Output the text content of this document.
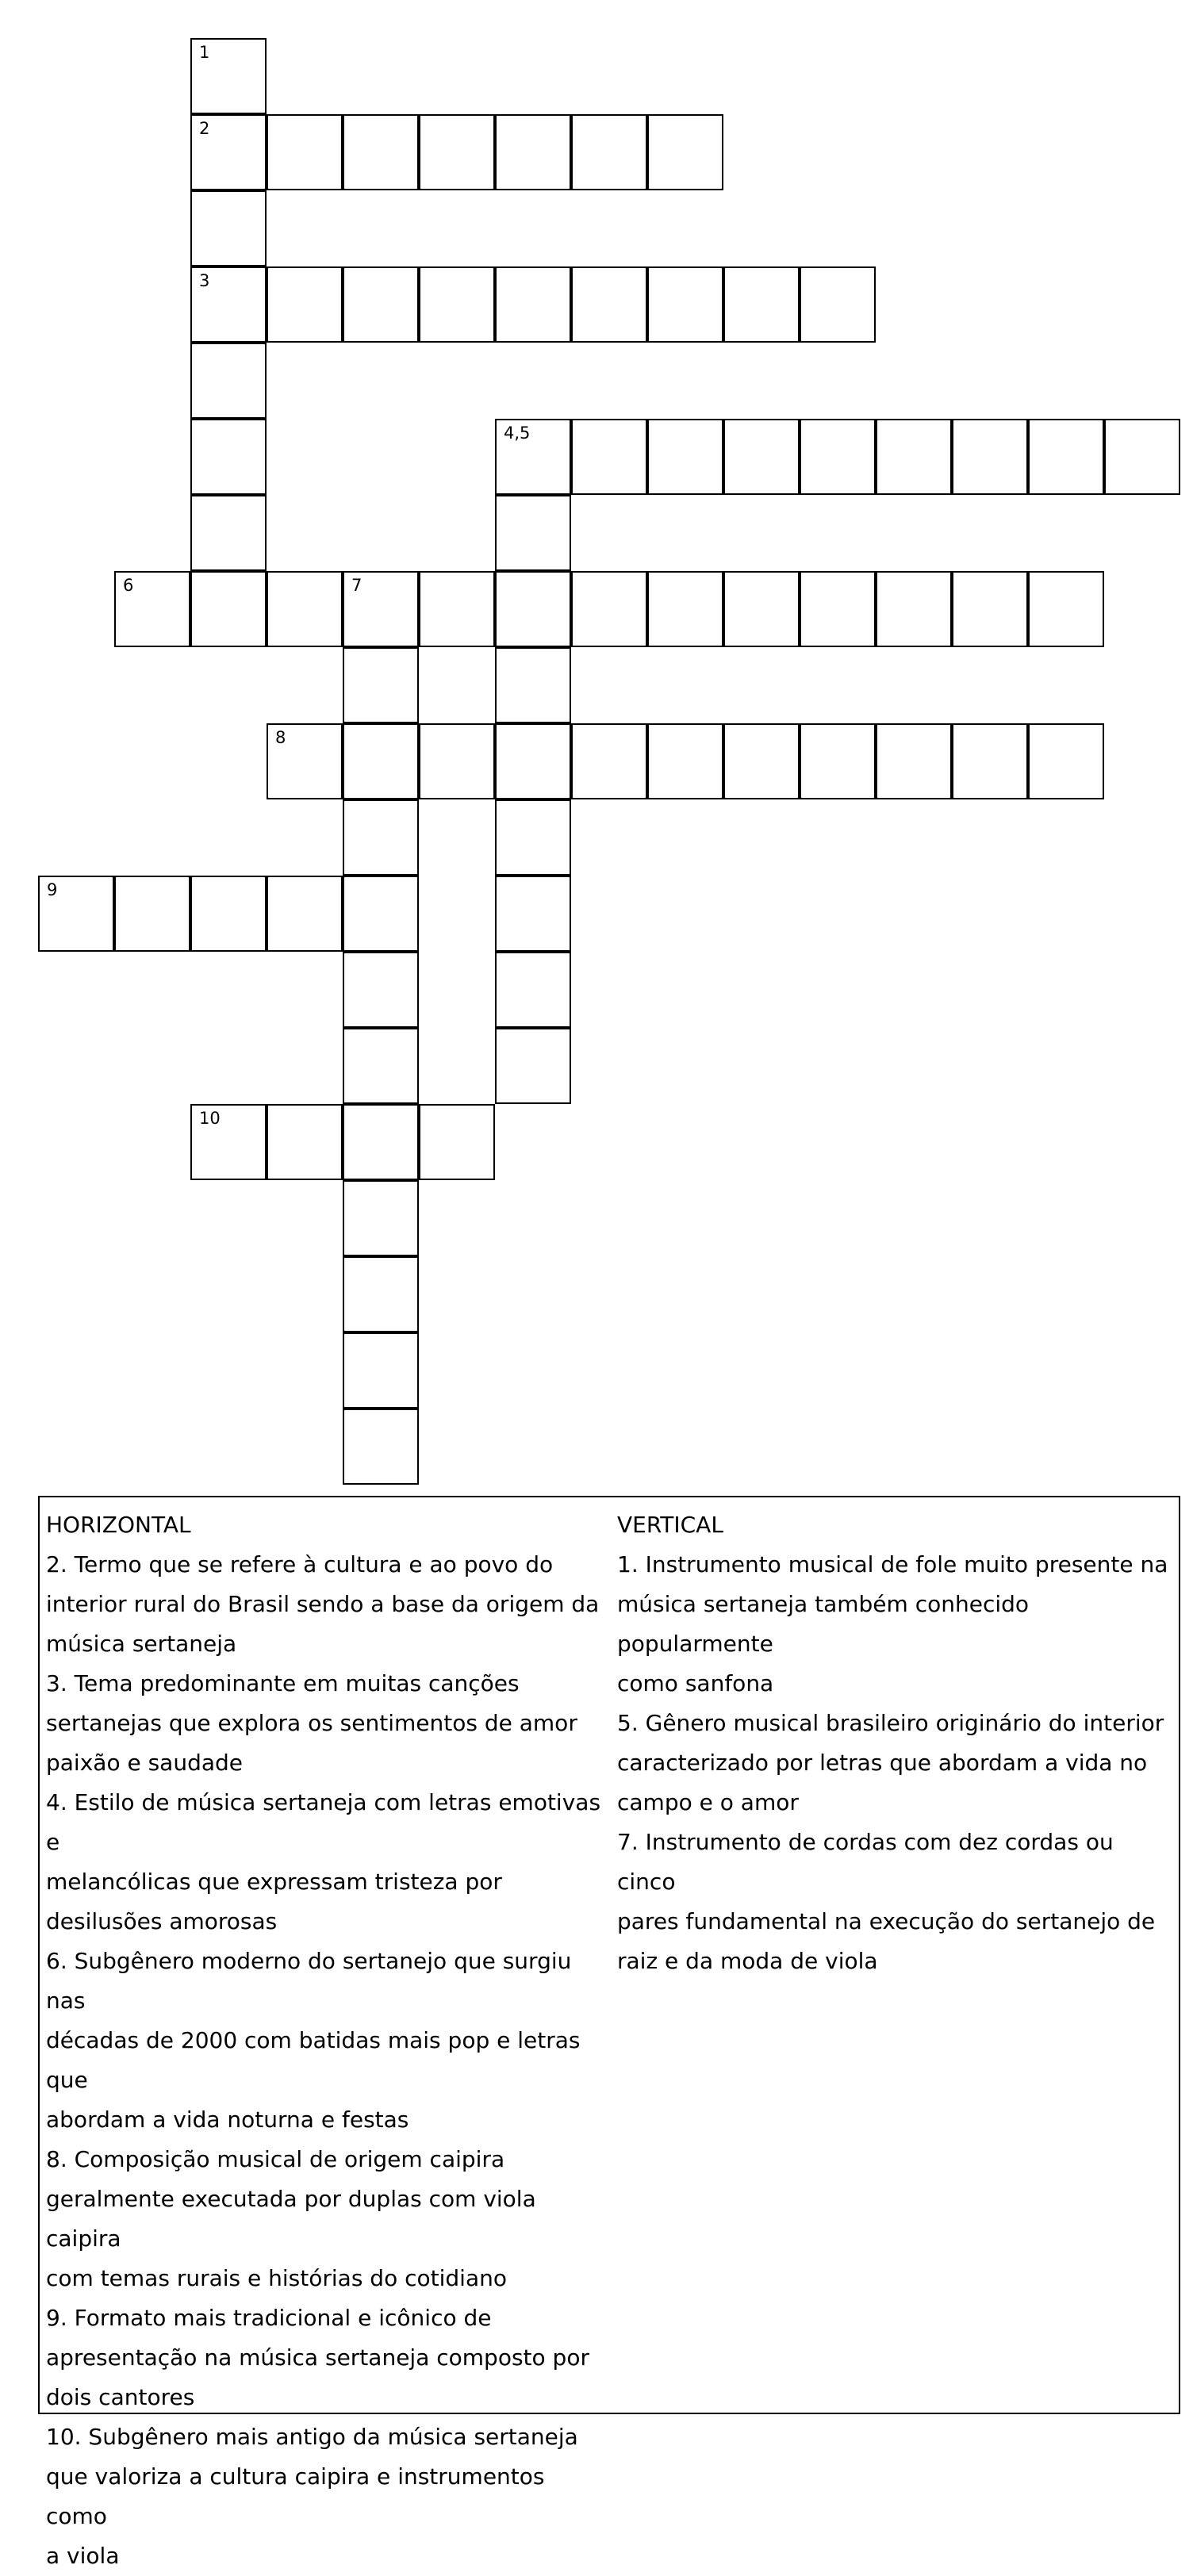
1
2
3
4,5
6	7
8
9
10
HORIZONTAL
2. Termo que se refere à cultura e ao povo do
interior rural do Brasil sendo a base da origem da
música sertaneja
3. Tema predominante em muitas canções
sertanejas que explora os sentimentos de amor
paixão e saudade
4. Estilo de música sertaneja com letras emotivas e
melancólicas que expressam tristeza por
desilusões amorosas
6. Subgênero moderno do sertanejo que surgiu nas
décadas de 2000 com batidas mais pop e letras que
abordam a vida noturna e festas
8. Composição musical de origem caipira
geralmente executada por duplas com viola caipira
com temas rurais e histórias do cotidiano
9. Formato mais tradicional e icônico de
apresentação na música sertaneja composto por
dois cantores
10. Subgênero mais antigo da música sertaneja
que valoriza a cultura caipira e instrumentos como
a viola
VERTICAL
1. Instrumento musical de fole muito presente na
música sertaneja também conhecido popularmente
como sanfona
5. Gênero musical brasileiro originário do interior
caracterizado por letras que abordam a vida no
campo e o amor
7. Instrumento de cordas com dez cordas ou cinco
pares fundamental na execução do sertanejo de
raiz e da moda de viola
